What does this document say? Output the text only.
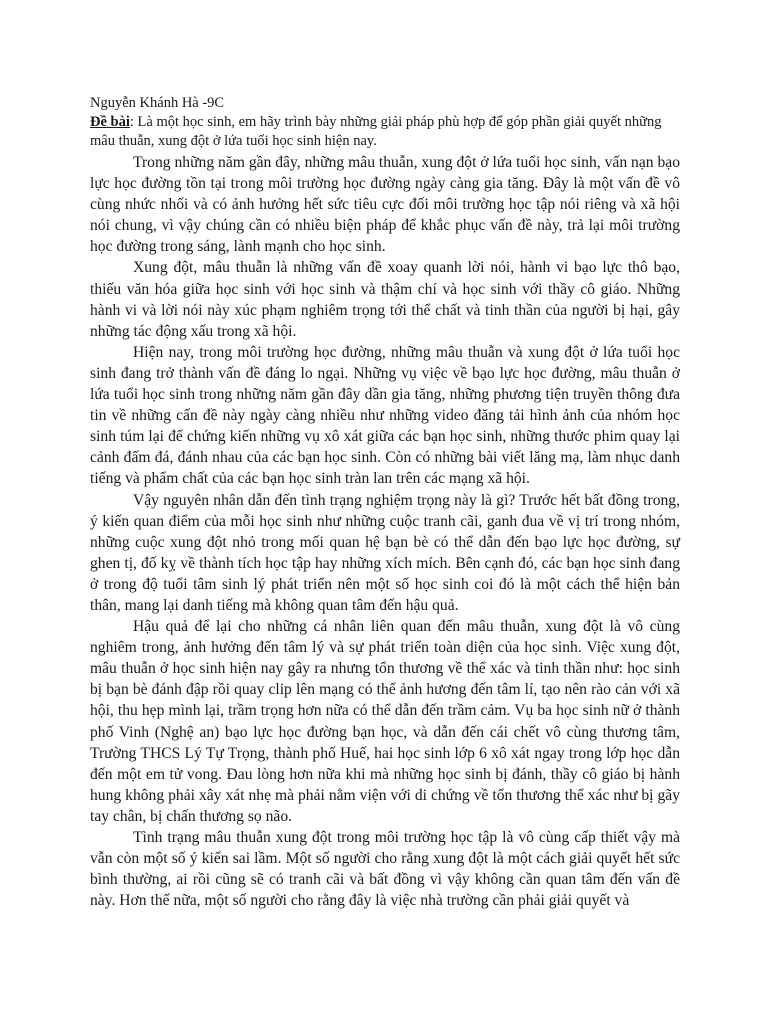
Nguyễn Khánh Hà -9C

Đề bài: Là một học sinh, em hãy trình bày những giải pháp phù hợp để góp phần giải quyết những mâu thuẫn, xung đột ở lứa tuổi học sinh hiện nay.

Trong những năm gần đây, những mâu thuẫn, xung đột ở lứa tuổi học sinh, vấn nạn bạo lực học đường tồn tại trong môi trường học đường ngày càng gia tăng. Đây là một vấn đề vô cùng nhức nhối và có ảnh hưởng hết sức tiêu cực đối môi trường học tập nói riêng và xã hội nói chung, vì vậy chúng cần có nhiều biện pháp để khắc phục vấn đề này, trả lại môi trường học đường trong sáng, lành mạnh cho học sinh.

Xung đột, mâu thuẫn là những vấn đề xoay quanh lời nói, hành vi bạo lực thô bạo, thiếu văn hóa giữa học sinh với học sinh và thậm chí và học sinh với thầy cô giáo. Những hành vi và lời nói này xúc phạm nghiêm trọng tới thể chất và tinh thần của người bị hại, gây những tác động xấu trong xã hội.

Hiện nay, trong môi trường học đường, những mâu thuẫn và xung đột ở lứa tuổi học sinh đang trở thành vấn đề đáng lo ngại. Những vụ việc về bạo lực học đường, mâu thuẫn ở lứa tuổi học sinh trong những năm gần đây dần gia tăng, những phương tiện truyền thông đưa tin về những cấn đề này ngày càng nhiều như những video đăng tải hình ảnh của nhóm học sinh túm lại để chứng kiến những vụ xô xát giữa các bạn học sinh, những thước phim quay lại cảnh đấm đá, đánh nhau của các bạn học sinh. Còn có những bài viết lăng mạ, làm nhục danh tiếng và phẩm chất của các bạn học sinh tràn lan trên các mạng xã hội.

Vậy nguyên nhân dẫn đến tình trạng nghiệm trọng này là gì? Trước hết bất đồng trong, ý kiến quan điểm của mỗi học sinh như những cuộc tranh cãi, ganh đua về vị trí trong nhóm, những cuộc xung đột nhỏ trong mối quan hệ bạn bè có thể dẫn đến bạo lực học đường, sự ghen tị, đố kỵ về thành tích học tập hay những xích mích. Bên cạnh đó, các bạn học sinh đang ở trong độ tuổi tâm sinh lý phát triển nên một số học sinh coi đó là một cách thể hiện bản thân, mang lại danh tiếng mà không quan tâm đến hậu quả.

Hậu quả để lại cho những cá nhân liên quan đến mâu thuẫn, xung đột là vô cùng nghiêm trong, ảnh hưởng đến tâm lý và sự phát triển toàn diện của học sinh. Việc xung đột, mâu thuẫn ở học sinh hiện nay gây ra nhưng tổn thương về thể xác và tinh thần như: học sinh bị bạn bè đánh đập rồi quay clip lên mạng có thể ảnh hương đến tâm lí, tạo nên rào cản với xã hội, thu hẹp mình lại, trầm trọng hơn nữa có thể dẫn đến trầm cảm. Vụ ba học sinh nữ ở thành phố Vinh (Nghệ an) bạo lực học đường bạn học, và dẫn đến cái chết vô cùng thương tâm, Trường THCS Lý Tự Trọng, thành phố Huế, hai học sinh lớp 6 xô xát ngay trong lớp học dẫn đến một em tử vong. Đau lòng hơn nữa khi mà những học sinh bị đánh, thầy cô giáo bị hành hung không phải xây xát nhẹ mà phải nằm viện với di chứng về tổn thương thể xác như bị gãy tay chân, bị chấn thương sọ não.

Tình trạng mâu thuẫn xung đột trong môi trường học tập là vô cùng cấp thiết vậy mà vẫn còn một số ý kiến sai lầm. Một số người cho rằng xung đột là một cách giải quyết hết sức bình thường, ai rồi cũng sẽ có tranh cãi và bất đồng vì vậy không cần quan tâm đến vấn đề này. Hơn thế nữa, một số người cho rằng đây là việc nhà trường cần phải giải quyết và
